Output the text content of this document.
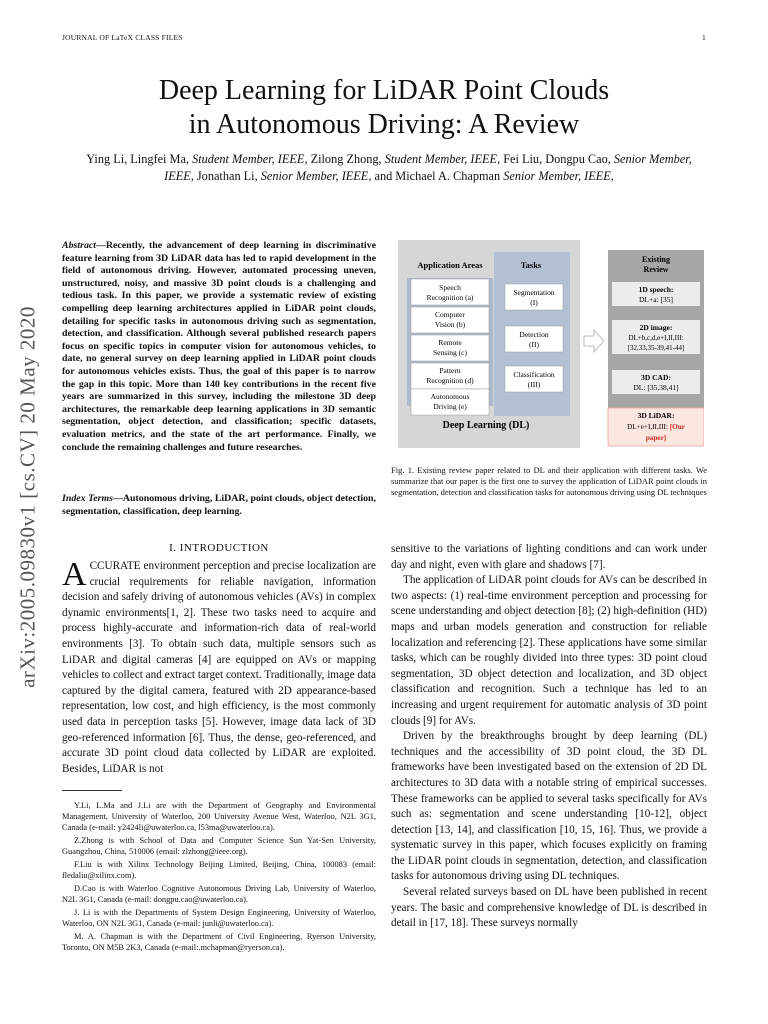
JOURNAL OF LaTeX CLASS FILES	1
arXiv:2005.09830v1 [cs.CV] 20 May 2020
Deep Learning for LiDAR Point Clouds
in Autonomous Driving: A Review
Ying Li, Lingfei Ma, Student Member, IEEE, Zilong Zhong, Student Member, IEEE, Fei Liu, Dongpu Cao, Senior Member, IEEE, Jonathan Li, Senior Member, IEEE, and Michael A. Chapman Senior Member, IEEE,
Abstract—Recently, the advancement of deep learning in discriminative feature learning from 3D LiDAR data has led to rapid development in the field of autonomous driving. However, automated processing uneven, unstructured, noisy, and massive 3D point clouds is a challenging and tedious task. In this paper, we provide a systematic review of existing compelling deep learning architectures applied in LiDAR point clouds, detailing for specific tasks in autonomous driving such as segmentation, detection, and classification. Although several published research papers focus on specific topics in computer vision for autonomous vehicles, to date, no general survey on deep learning applied in LiDAR point clouds for autonomous vehicles exists. Thus, the goal of this paper is to narrow the gap in this topic. More than 140 key contributions in the recent five years are summarized in this survey, including the milestone 3D deep architectures, the remarkable deep learning applications in 3D semantic segmentation, object detection, and classification; specific datasets, evaluation metrics, and the state of the art performance. Finally, we conclude the remaining challenges and future researches.
Index Terms—Autonomous driving, LiDAR, point clouds, object detection, segmentation, classification, deep learning.
I. INTRODUCTION
ACCURATE environment perception and precise localization are crucial requirements for reliable navigation, information decision and safely driving of autonomous vehicles (AVs) in complex dynamic environments[1, 2]. These two tasks need to acquire and process highly-accurate and information-rich data of real-world environments [3]. To obtain such data, multiple sensors such as LiDAR and digital cameras [4] are equipped on AVs or mapping vehicles to collect and extract target context. Traditionally, image data captured by the digital camera, featured with 2D appearance-based representation, low cost, and high efficiency, is the most commonly used data in perception tasks [5]. However, image data lack of 3D geo-referenced information [6]. Thus, the dense, geo-referenced, and accurate 3D point cloud data collected by LiDAR are exploited. Besides, LiDAR is not

Y.Li, L.Ma and J.Li are with the Department of Geography and Environmental Management, University of Waterloo, 200 University Avenue West, Waterloo, N2L 3G1, Canada (e-mail: y2424li@uwaterloo.ca, l53ma@uwaterloo.ca).

Z.Zhong is with School of Data and Computer Science Sun Yat-Sen University, Guangzhou, China, 510006 (email: zlzhong@ieee.org).

F.Liu is with Xilinx Technology Beijing Limited, Beijing, China, 100083 (email: fledaliu@xilinx.com).

D.Cao is with Waterloo Cognitive Autonomous Driving Lab, University of Waterloo, N2L 3G1, Canada (e-mail: dongpu.cao@uwaterloo.ca).

J. Li is with the Departments of System Design Engineering, University of Waterloo, Waterloo, ON N2L 3G1, Canada (e-mail: junli@uwaterloo.ca).

M. A. Chapman is with the Department of Civil Engineering, Ryerson University, Toronto, ON M5B 2K3, Canada (e-mail:.mchapman@ryerson.ca).

Application Areas
Speech
Recognition (a)
Computer
Vision (b)
Remote
Sensing (c)
Pattern
Recognition (d)
Autonomous
Driving (e)
Tasks
Segmentation
(I)
Detection
(II)
Classification
(III)
Deep Learning (DL)
Existing
Review
1D speech:
DL+a: [35]
2D image:
DL+b,c,d,e+I,II,III:
[32,33,35-39,41-44]
3D CAD:
DL: [35,38,41]
3D LiDAR:
DL+e+I,II,III: [Our
paper]
Fig. 1. Existing review paper related to DL and their application with different tasks. We summarize that our paper is the first one to survey the application of LiDAR point clouds in segmentation, detection and classification tasks for autonomous driving using DL techniques

sensitive to the variations of lighting conditions and can work under day and night, even with glare and shadows [7].

The application of LiDAR point clouds for AVs can be described in two aspects: (1) real-time environment perception and processing for scene understanding and object detection [8]; (2) high-definition (HD) maps and urban models generation and construction for reliable localization and referencing [2]. These applications have some similar tasks, which can be roughly divided into three types: 3D point cloud segmentation, 3D object detection and localization, and 3D object classification and recognition. Such a technique has led to an increasing and urgent requirement for automatic analysis of 3D point clouds [9] for AVs.

Driven by the breakthroughs brought by deep learning (DL) techniques and the accessibility of 3D point cloud, the 3D DL frameworks have been investigated based on the extension of 2D DL architectures to 3D data with a notable string of empirical successes. These frameworks can be applied to several tasks specifically for AVs such as: segmentation and scene understanding [10-12], object detection [13, 14], and classification [10, 15, 16]. Thus, we provide a systematic survey in this paper, which focuses explicitly on framing the LiDAR point clouds in segmentation, detection, and classification tasks for autonomous driving using DL techniques.

Several related surveys based on DL have been published in recent years. The basic and comprehensive knowledge of DL is described in detail in [17, 18]. These surveys normally
